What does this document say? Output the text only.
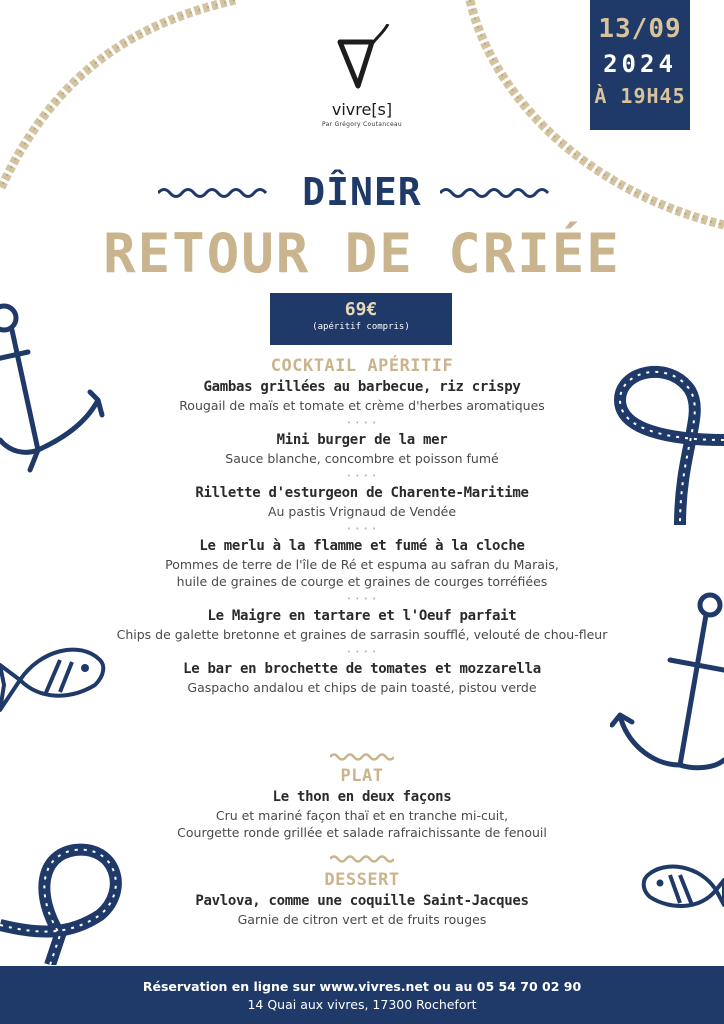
13/09
2024
À 19H45
vivre[s]
Par Grégory Coutanceau
DÎNER
RETOUR DE CRIÉE
69€
(apéritif compris)
COCKTAIL APÉRITIF
Gambas grillées au barbecue, riz crispy
Rougail de maïs et tomate et crème d'herbes aromatiques
• • • •
Mini burger de la mer
Sauce blanche, concombre et poisson fumé
• • • •
Rillette d'esturgeon de Charente-Maritime
Au pastis Vrignaud de Vendée
• • • •
Le merlu à la flamme et fumé à la cloche
Pommes de terre de l'île de Ré et espuma au safran du Marais,
huile de graines de courge et graines de courges torréfiées
• • • •
Le Maigre en tartare et l'Oeuf parfait
Chips de galette bretonne et graines de sarrasin soufflé, velouté de chou-fleur
• • • •
Le bar en brochette de tomates et mozzarella
Gaspacho andalou et chips de pain toasté, pistou verde
PLAT
Le thon en deux façons
Cru et mariné façon thaï et en tranche mi-cuit,
Courgette ronde grillée et salade rafraichissante de fenouil
DESSERT
Pavlova, comme une coquille Saint-Jacques
Garnie de citron vert et de fruits rouges
Réservation en ligne sur www.vivres.net ou au 05 54 70 02 90
14 Quai aux vivres, 17300 Rochefort
